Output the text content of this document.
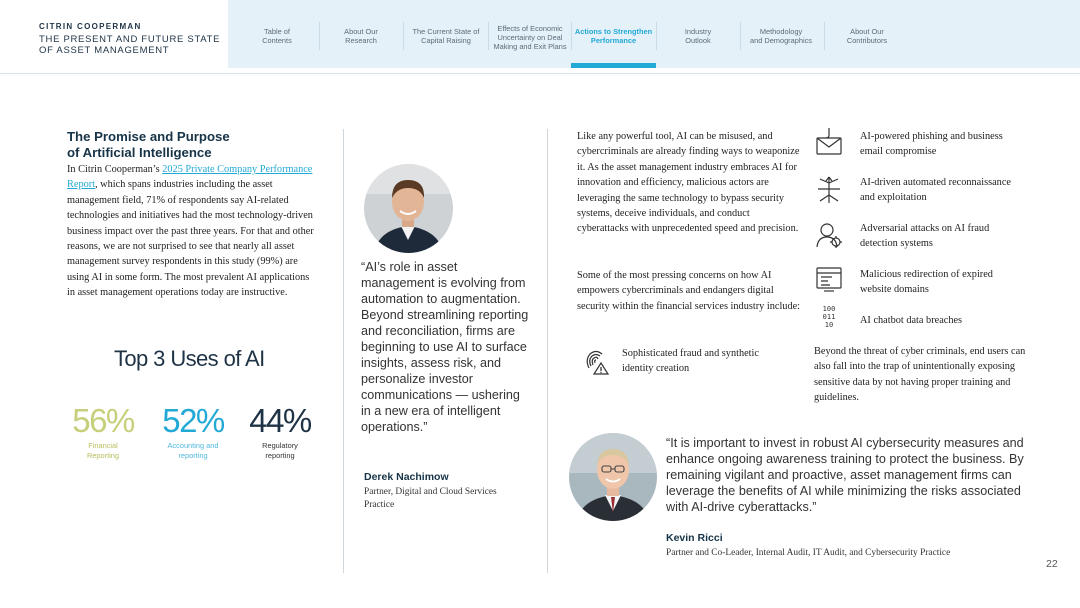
CITRIN COOPERMAN
THE PRESENT AND FUTURE STATE
OF ASSET MANAGEMENT
Table of
Contents
About Our
Research
The Current State of
Capital Raising
Effects of Economic
Uncertainty on Deal
Making and Exit Plans
Actions to Strengthen
Performance
Industry
Outlook
Methodology
and Demographics
About Our
Contributors
The Promise and Purpose
of Artificial Intelligence
In Citrin Cooperman’s 2025 Private Company Performance Report, which spans industries including the asset management field, 71% of respondents say AI-related technologies and initiatives had the most technology-driven business impact over the past three years. For that and other reasons, we are not surprised to see that nearly all asset management survey respondents in this study (99%) are using AI in some form. The most prevalent AI applications in asset management operations today are instructive.
Top 3 Uses of AI
56%
Financial
Reporting
52%
Accounting and
reporting
44%
Regulatory
reporting
“AI’s role in asset management is evolving from automation to augmentation. Beyond streamlining reporting and reconciliation, firms are beginning to use AI to surface insights, assess risk, and personalize investor communications — ushering in a new era of intelligent operations.”
Derek Nachimow
Partner, Digital and Cloud Services
Practice
Like any powerful tool, AI can be misused, and cybercriminals are already finding ways to weaponize it. As the asset management industry embraces AI for innovation and efficiency, malicious actors are leveraging the same technology to bypass security systems, deceive individuals, and conduct cyberattacks with unprecedented speed and precision.
Some of the most pressing concerns on how AI empowers cybercriminals and endangers digital security within the financial services industry include:
Sophisticated fraud and synthetic
identity creation
AI-powered phishing and business
email compromise
AI-driven automated reconnaissance
and exploitation
Adversarial attacks on AI fraud
detection systems
Malicious redirection of expired
website domains
100
011
10	AI chatbot data breaches
Beyond the threat of cyber criminals, end users can also fall into the trap of unintentionally exposing sensitive data by not having proper training and guidelines.
“It is important to invest in robust AI cybersecurity measures and enhance ongoing awareness training to protect the business. By remaining vigilant and proactive, asset management firms can leverage the benefits of AI while minimizing the risks associated with AI-drive cyberattacks.”
Kevin Ricci
Partner and Co-Leader, Internal Audit, IT Audit, and Cybersecurity Practice
22
